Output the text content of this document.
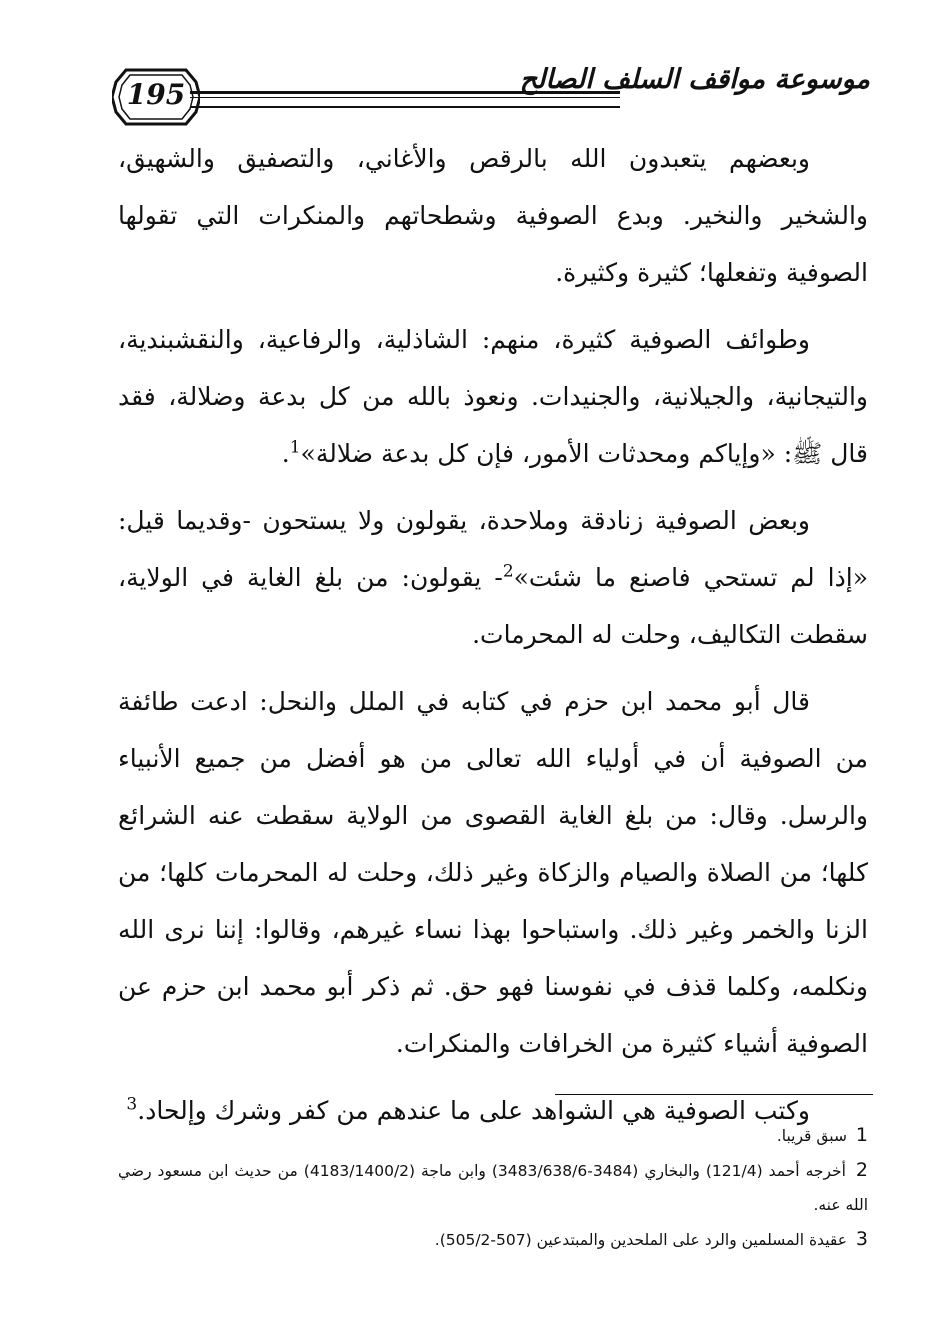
195	موسوعة مواقف السلف الصالح

وبعضهم يتعبدون الله بالرقص والأغاني، والتصفيق والشهيق، والشخير والنخير. وبدع الصوفية وشطحاتهم والمنكرات التي تقولها الصوفية وتفعلها؛ كثيرة وكثيرة.

وطوائف الصوفية كثيرة، منهم: الشاذلية، والرفاعية، والنقشبندية، والتيجانية، والجيلانية، والجنيدات. ونعوذ بالله من كل بدعة وضلالة، فقد قال ﷺ: «وإياكم ومحدثات الأمور، فإن كل بدعة ضلالة»$^1$.

وبعض الصوفية زنادقة وملاحدة، يقولون ولا يستحون -وقديما قيل: «إذا لم تستحي فاصنع ما شئت»$^2$- يقولون: من بلغ الغاية في الولاية، سقطت التكاليف، وحلت له المحرمات.

قال أبو محمد ابن حزم في كتابه في الملل والنحل: ادعت طائفة من الصوفية أن في أولياء الله تعالى من هو أفضل من جميع الأنبياء والرسل. وقال: من بلغ الغاية القصوى من الولاية سقطت عنه الشرائع كلها؛ من الصلاة والصيام والزكاة وغير ذلك، وحلت له المحرمات كلها؛ من الزنا والخمر وغير ذلك. واستباحوا بهذا نساء غيرهم، وقالوا: إننا نرى الله ونكلمه، وكلما قذف في نفوسنا فهو حق. ثم ذكر أبو محمد ابن حزم عن الصوفية أشياء كثيرة من الخرافات والمنكرات.

وكتب الصوفية هي الشواهد على ما عندهم من كفر وشرك وإلحاد.$^3$

1 سبق قريبا.

2 أخرجه أحمد (121/4) والبخاري (3484-3483/638/6) وابن ماجة (4183/1400/2) من حديث ابن مسعود رضي الله عنه.

3 عقيدة المسلمين والرد على الملحدين والمبتدعين (507-505/2).
